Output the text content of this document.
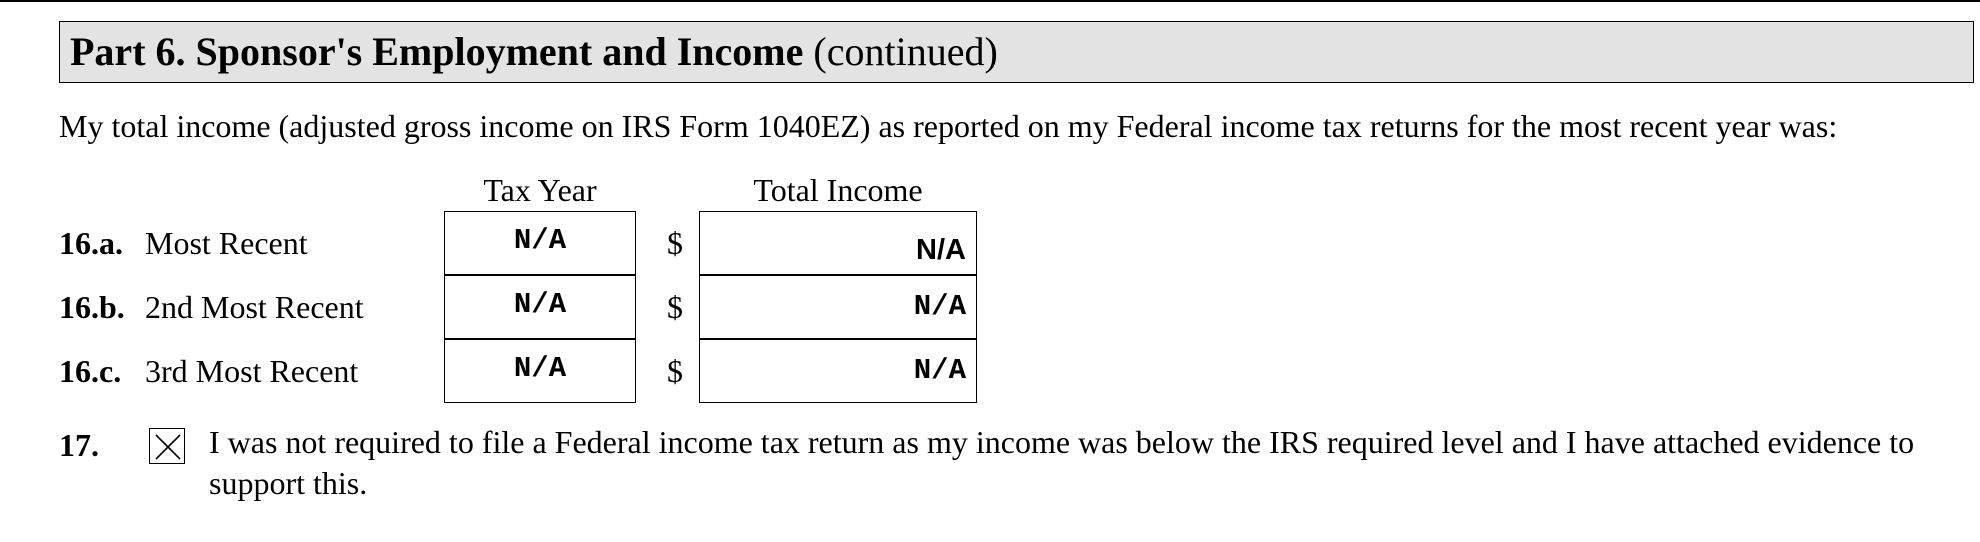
Part 6. Sponsor's Employment and Income (continued)
My total income (adjusted gross income on IRS Form 1040EZ) as reported on my Federal income tax returns for the most recent year was:
Tax Year	Total Income
16.a. Most Recent	N/A	$	N/A
16.b. 2nd Most Recent	N/A	$	N/A
16.c. 3rd Most Recent	N/A	$	N/A
17.	I was not required to file a Federal income tax return as my income was below the IRS required level and I have attached evidence to support this.
